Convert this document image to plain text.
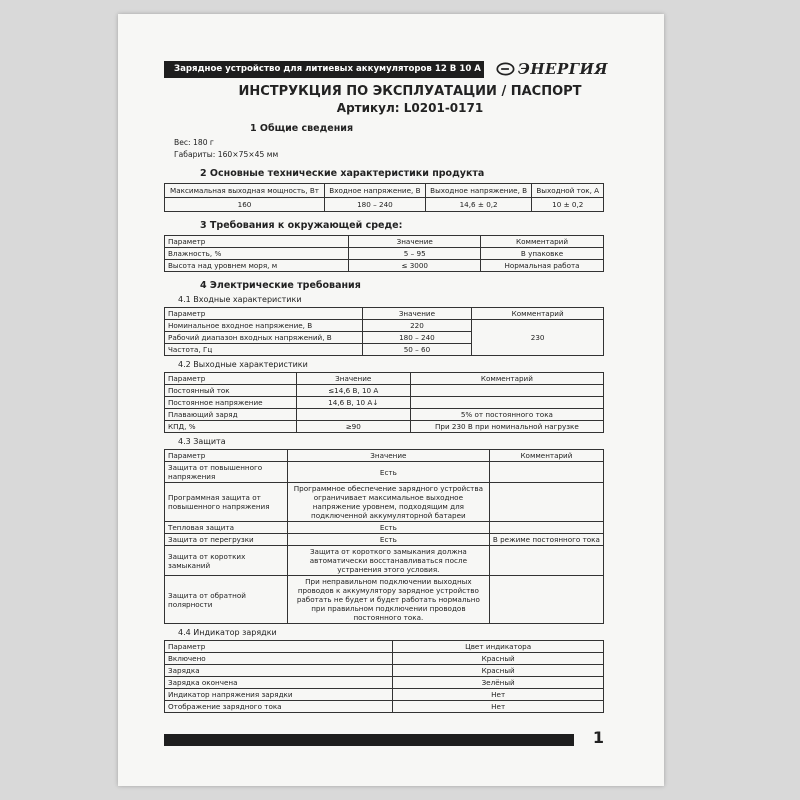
Зарядное устройство для литиевых аккумуляторов 12 В 10 А ЭНЕРГИЯ
ИНСТРУКЦИЯ ПО ЭКСПЛУАТАЦИИ / ПАСПОРТ
Артикул: L0201-0171
1 Общие сведения
Вес: 180 г
Габариты: 160×75×45 мм
2 Основные технические характеристики продукта
Максимальная выходная мощность, Вт	Входное напряжение, В	Выходное напряжение, В	Выходной ток, А
160	180 – 240	14,6 ± 0,2	10 ± 0,2
3 Требования к окружающей среде:
Параметр	Значение	Комментарий
Влажность, %	5 – 95	В упаковке
Высота над уровнем моря, м	≤ 3000	Нормальная работа
4 Электрические требования
4.1 Входные характеристики
Параметр	Значение	Комментарий
Номинальное входное напряжение, В	220	230
Рабочий диапазон входных напряжений, В	180 – 240	
Частота, Гц	50 – 60	
4.2 Выходные характеристики
Параметр	Значение	Комментарий
Постоянный ток	≤14,6 В, 10 А	
Постоянное напряжение	14,6 В, 10 А↓	
Плавающий заряд		5% от постоянного тока
КПД, %	≥90	При 230 В при номинальной нагрузке
4.3 Защита
Параметр	Значение	Комментарий
Защита от повышенного напряжения	Есть	
Программная защита от повышенного напряжения	Программное обеспечение зарядного устройства ограничивает максимальное выходное напряжение уровнем, подходящим для подключенной аккумуляторной батареи	
Тепловая защита	Есть	
Защита от перегрузки	Есть	В режиме постоянного тока
Защита от коротких замыканий	Защита от короткого замыкания должна автоматически восстанавливаться после устранения этого условия.	
Защита от обратной полярности	При неправильном подключении выходных проводов к аккумулятору зарядное устройство работать не будет и будет работать нормально при правильном подключении проводов постоянного тока.	
4.4 Индикатор зарядки
Параметр	Цвет индикатора
Включено	Красный
Зарядка	Красный
Зарядка окончена	Зелёный
Индикатор напряжения зарядки	Нет
Отображение зарядного тока	Нет
1
